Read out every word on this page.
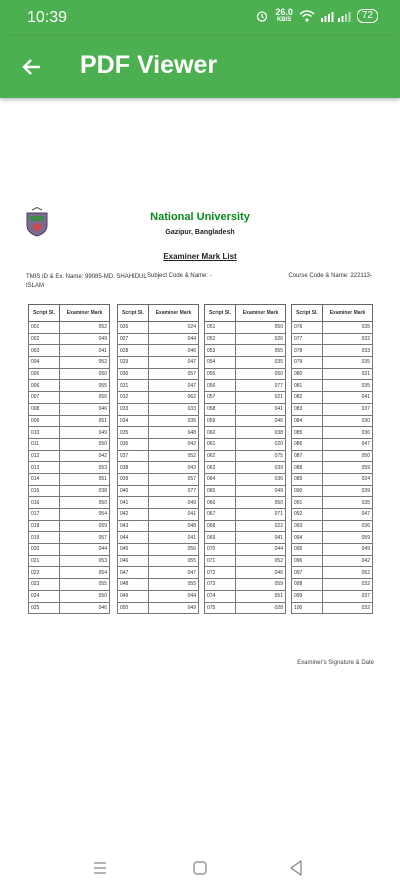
10:39	26.0
KB/S	72
PDF Viewer
National University
Gazipur, Bangladesh
Examiner Mark List
TMIS ID & Ex. Name: 99085-MD. SHAHIDUL ISLAM
Subject Code & Name: -	Course Code & Name: 222113-
Script Sl.	Examiner Mark
001	052
002	049
003	041
004	052
005	050
006	055
007	056
008	046
009	051
010	049
011	050
012	042
013	053
014	051
015	038
016	050
017	054
018	059
019	057
020	044
021	053
022	054
023	055
024	050
025	046
Script Sl.	Examiner Mark
026	024
027	044
028	046
029	047
030	057
031	047
032	062
033	033
034	035
035	048
036	042
037	052
038	043
039	057
040	077
041	049
042	041
043	048
044	041
045	056
046	055
047	047
048	055
049	044
050	049
Script Sl.	Examiner Mark
051	050
052	026
053	055
054	035
055	050
056	077
057	021
058	041
059	046
060	038
061	020
062	075
063	039
064	036
065	049
066	050
067	071
068	022
069	041
070	044
071	052
072	046
073	059
074	051
075	028
Script Sl.	Examiner Mark
076	035
077	032
078	033
079	035
080	031
081	035
082	041
083	037
084	030
085	036
086	047
087	050
088	059
089	024
090	039
091	035
092	047
093	036
094	059
095	049
096	042
097	052
098	032
099	037
100	032
Examiner's Signature & Date
